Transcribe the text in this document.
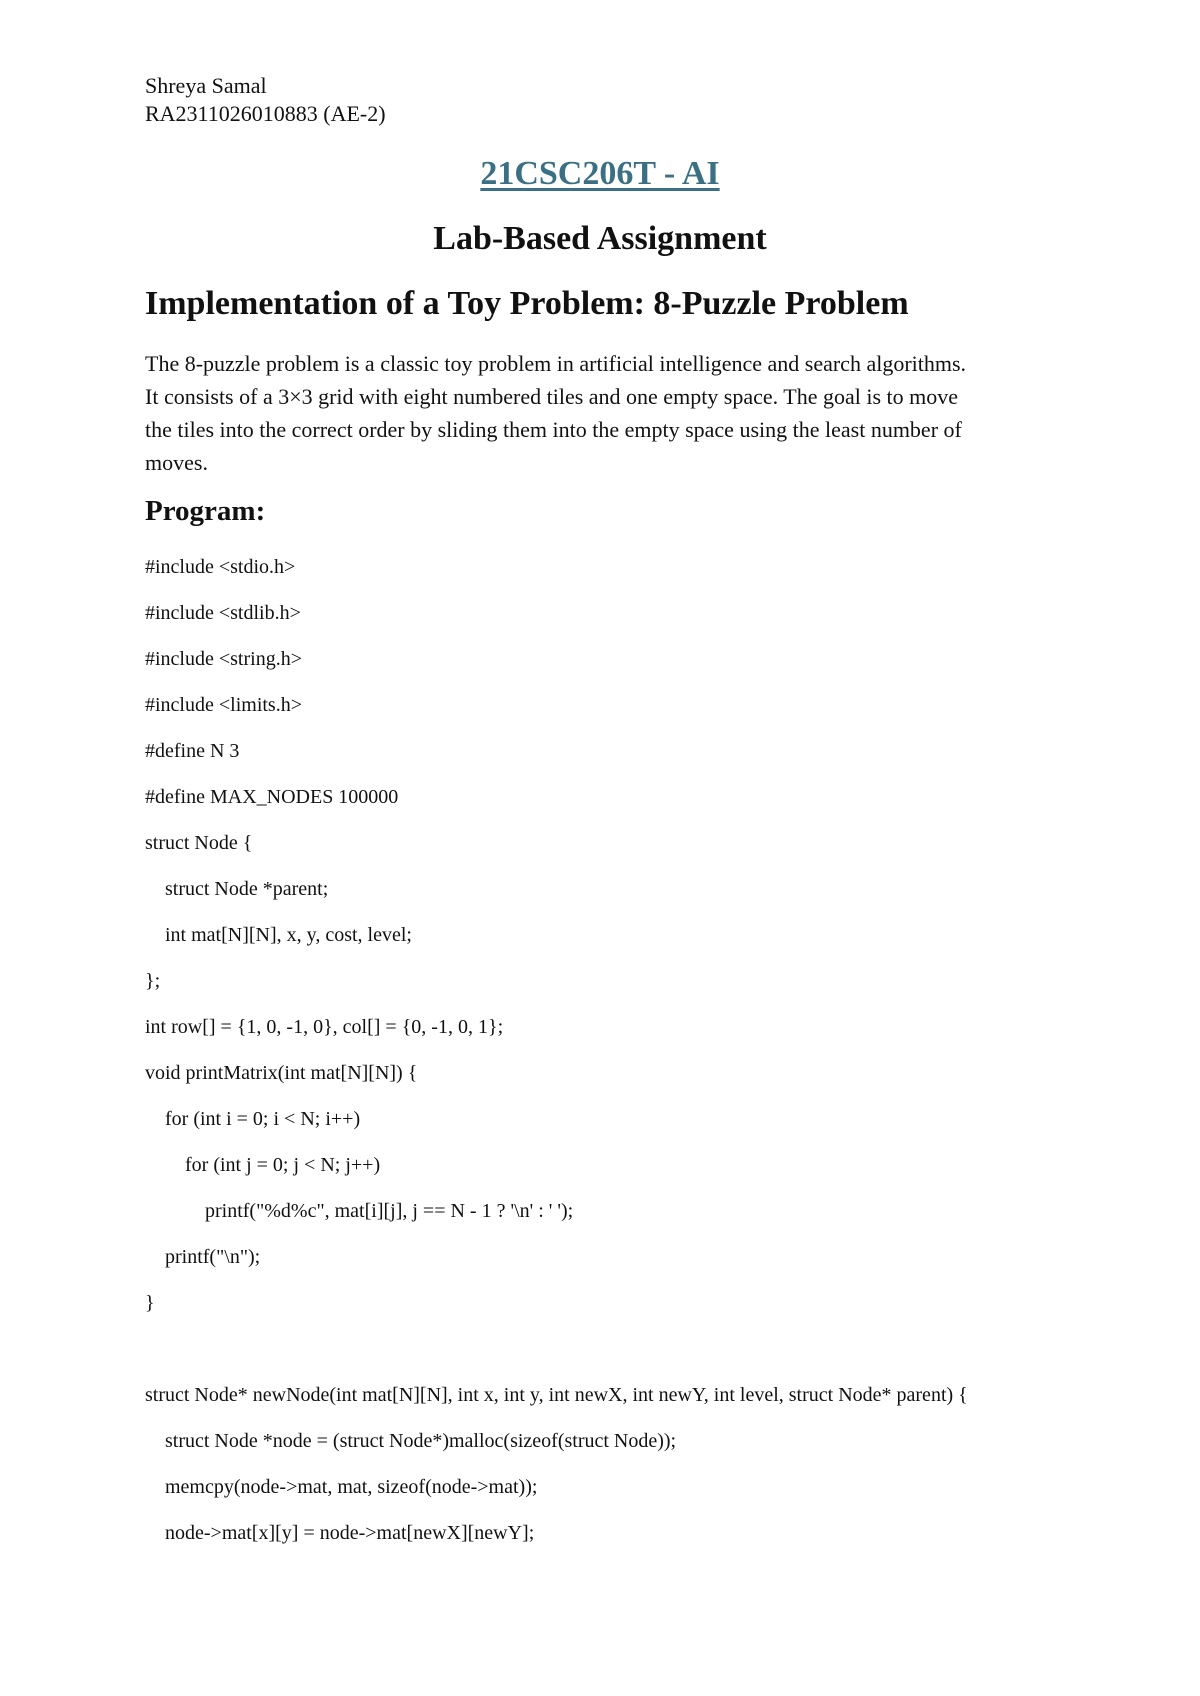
Shreya Samal
RA2311026010883 (AE-2)
21CSC206T - AI
Lab-Based Assignment
Implementation of a Toy Problem: 8-Puzzle Problem

The 8-puzzle problem is a classic toy problem in artificial intelligence and search algorithms.
It consists of a 3×3 grid with eight numbered tiles and one empty space. The goal is to move
the tiles into the correct order by sliding them into the empty space using the least number of
moves.

Program:
#include <stdio.h>
#include <stdlib.h>
#include <string.h>
#include <limits.h>
#define N 3
#define MAX_NODES 100000
struct Node {
struct Node *parent;
int mat[N][N], x, y, cost, level;
};
int row[] = {1, 0, -1, 0}, col[] = {0, -1, 0, 1};
void printMatrix(int mat[N][N]) {
for (int i = 0; i < N; i++)
for (int j = 0; j < N; j++)
printf("%d%c", mat[i][j], j == N - 1 ? '\n' : ' ');
printf("\n");
}
struct Node* newNode(int mat[N][N], int x, int y, int newX, int newY, int level, struct Node* parent) {
struct Node *node = (struct Node*)malloc(sizeof(struct Node));
memcpy(node->mat, mat, sizeof(node->mat));
node->mat[x][y] = node->mat[newX][newY];
